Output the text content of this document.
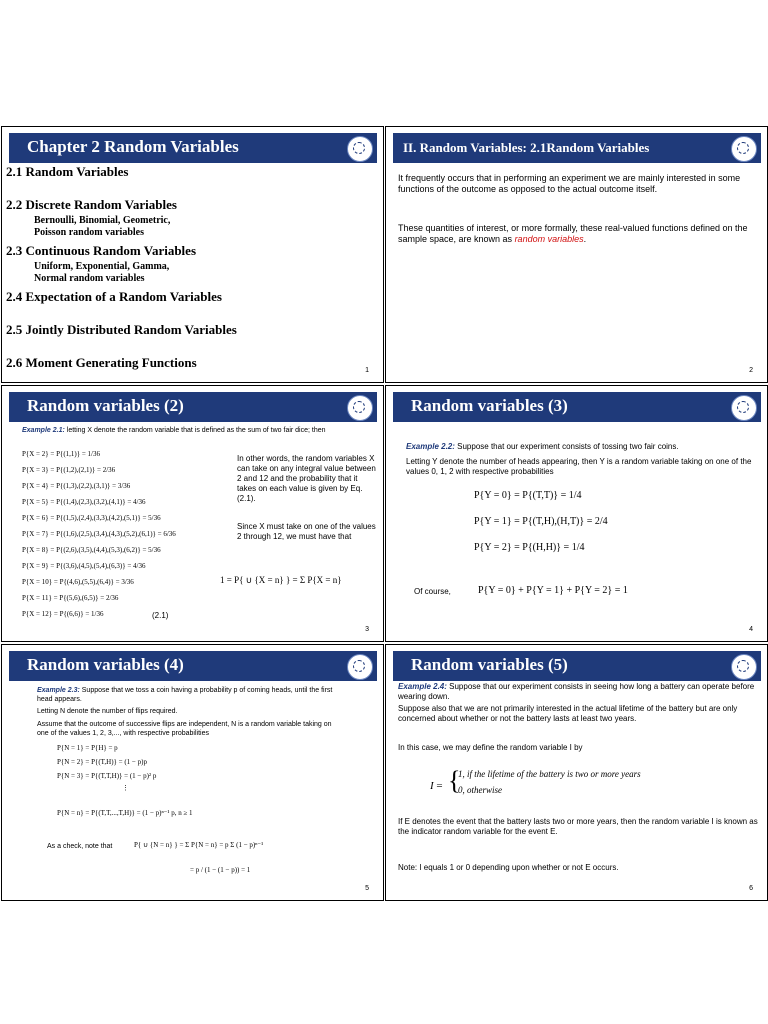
Chapter 2 Random Variables
2.1 Random Variables
2.2 Discrete Random Variables
Bernoulli, Binomial, Geometric,
Poisson random variables
2.3 Continuous Random Variables
Uniform, Exponential, Gamma,
Normal random variables
2.4 Expectation of a Random Variables
2.5 Jointly Distributed Random Variables
2.6 Moment Generating Functions
1
II. Random Variables: 2.1Random Variables
It frequently occurs that in performing an experiment we are mainly interested in some functions of the outcome as opposed to the actual outcome itself.
These quantities of interest, or more formally, these real-valued functions defined on the sample space, are known as random variables.
2
Random variables (2)
Example 2.1: letting X denote the random variable that is defined as the sum of two fair dice; then
P{X = 2} = P{(1,1)} = 1/36
P{X = 3} = P{(1,2),(2,1)} = 2/36
P{X = 4} = P{(1,3),(2,2),(3,1)} = 3/36
P{X = 5} = P{(1,4),(2,3),(3,2),(4,1)} = 4/36
P{X = 6} = P{(1,5),(2,4),(3,3),(4,2),(5,1)} = 5/36
P{X = 7} = P{(1,6),(2,5),(3,4),(4,3),(5,2),(6,1)} = 6/36
P{X = 8} = P{(2,6),(3,5),(4,4),(5,3),(6,2)} = 5/36
P{X = 9} = P{(3,6),(4,5),(5,4),(6,3)} = 4/36
P{X = 10} = P{(4,6),(5,5),(6,4)} = 3/36
P{X = 11} = P{(5,6),(6,5)} = 2/36
P{X = 12} = P{(6,6)} = 1/36	(2.1)
In other words, the random variables X can take on any integral value between 2 and 12 and the probability that it takes on each value is given by Eq. (2.1).
Since X must take on one of the values 2 through 12, we must have that
1 = P{ ∪ {X = n} } = Σ P{X = n}
3
Random variables (3)
Example 2.2: Suppose that our experiment consists of tossing two fair coins.
Letting Y denote the number of heads appearing, then Y is a random variable taking on one of the values 0, 1, 2 with respective probabilities
P{Y = 0} = P{(T,T)} = 1/4
P{Y = 1} = P{(T,H),(H,T)} = 2/4
P{Y = 2} = P{(H,H)} = 1/4
Of course,	P{Y = 0} + P{Y = 1} + P{Y = 2} = 1
4
Random variables (4)
Example 2.3: Suppose that we toss a coin having a probability p of coming heads, until the first head appears.
Letting N denote the number of flips required.
Assume that the outcome of successive flips are independent, N is a random variable taking on one of the values 1, 2, 3,..., with respective probabilities
P{N = 1} = P{H} = p
P{N = 2} = P{(T,H)} = (1 − p)p
P{N = 3} = P{(T,T,H)} = (1 − p)² p
⋮
P{N = n} = P{(T,T,...,T,H)} = (1 − p)ⁿ⁻¹ p, n ≥ 1
As a check, note that	P{ ∪ {N = n} } = Σ P{N = n} = p Σ (1 − p)ⁿ⁻¹
= p / (1 − (1 − p)) = 1
5
Random variables (5)
Example 2.4: Suppose that our experiment consists in seeing how long a battery can operate before wearing down.
Suppose also that we are not primarily interested in the actual lifetime of the battery but are only concerned about whether or not the battery lasts at least two years.
In this case, we may define the random variable I by
I = {
1, if the lifetime of the battery is two or more years
0, otherwise
If E denotes the event that the battery lasts two or more years, then the random variable I is known as the indicator random variable for the event E.
Note: I equals 1 or 0 depending upon whether or not E occurs.
6
